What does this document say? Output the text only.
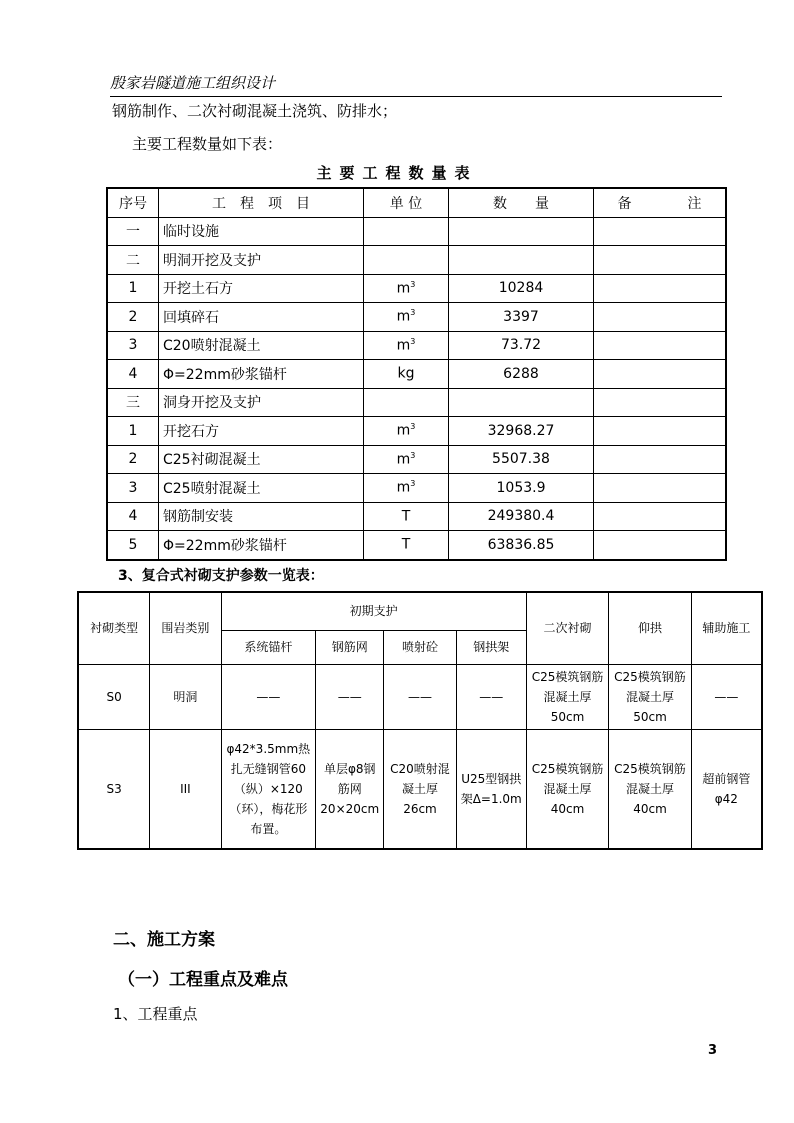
殷家岩隧道施工组织设计
钢筋制作、二次衬砌混凝土浇筑、防排水；
主要工程数量如下表：
主要工程数量表
序号	工　程　项　目	单 位	数　　量	备　　　　注
一	临时设施			
二	明洞开挖及支护			
1	开挖土石方	$m^3$	10284	
2	回填碎石	$m^3$	3397	
3	C20喷射混凝土	$m^3$	73.72	
4	Φ=22mm砂浆锚杆	kg	6288	
三	洞身开挖及支护			
1	开挖石方	$m^3$	32968.27	
2	C25衬砌混凝土	$m^3$	5507.38	
3	C25喷射混凝土	$m^3$	1053.9	
4	钢筋制安装	T	249380.4	
5	Φ=22mm砂浆锚杆	T	63836.85	
3、复合式衬砌支护参数一览表：
衬砌类型	围岩类别	初期支护				二次衬砌	仰拱	辅助施工
		系统锚杆	钢筋网	喷射砼	钢拱架			
S0	明洞	——	——	——	——	C25模筑钢筋混凝土厚50cm	C25模筑钢筋混凝土厚50cm	——
S3	III	φ42*3.5mm热扎无缝钢管60（纵）×120（环），梅花形布置。	单层φ8钢筋网20×20cm	C20喷射混凝土厚26cm	U25型钢拱架Δ=1.0m	C25模筑钢筋混凝土厚40cm	C25模筑钢筋混凝土厚40cm	超前钢管φ42
二、施工方案
（一）工程重点及难点
1、工程重点
3
